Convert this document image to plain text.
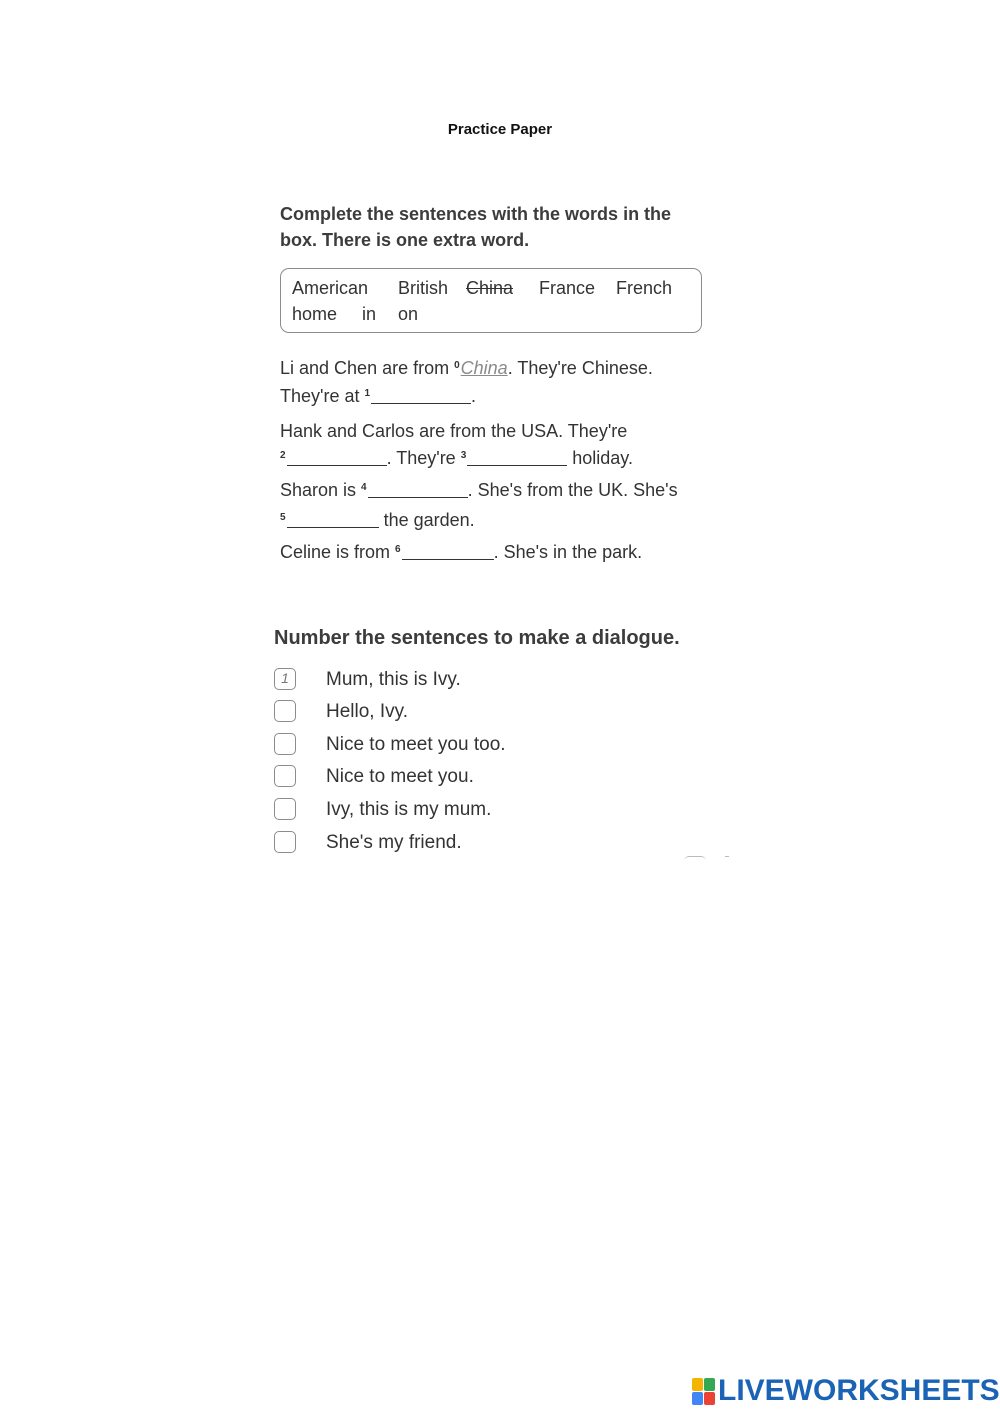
Practice Paper
Complete the sentences with the words in the
box. There is one extra word.
American British China France French
home in on
Li and Chen are from $^0$China. They're Chinese.
They're at $^1$	.
Hank and Carlos are from the USA. They're
$^2$	. They're $^3$	holiday.
Sharon is $^4$	. She's from the UK. She's
$^5$	the garden.
Celine is from $^6$	. She's in the park.
Number the sentences to make a dialogue.
1	Mum, this is Ivy.
Hello, Ivy.
Nice to meet you too.
Nice to meet you.
Ivy, this is my mum.
She's my friend.
LIVEWORKSHEETS
